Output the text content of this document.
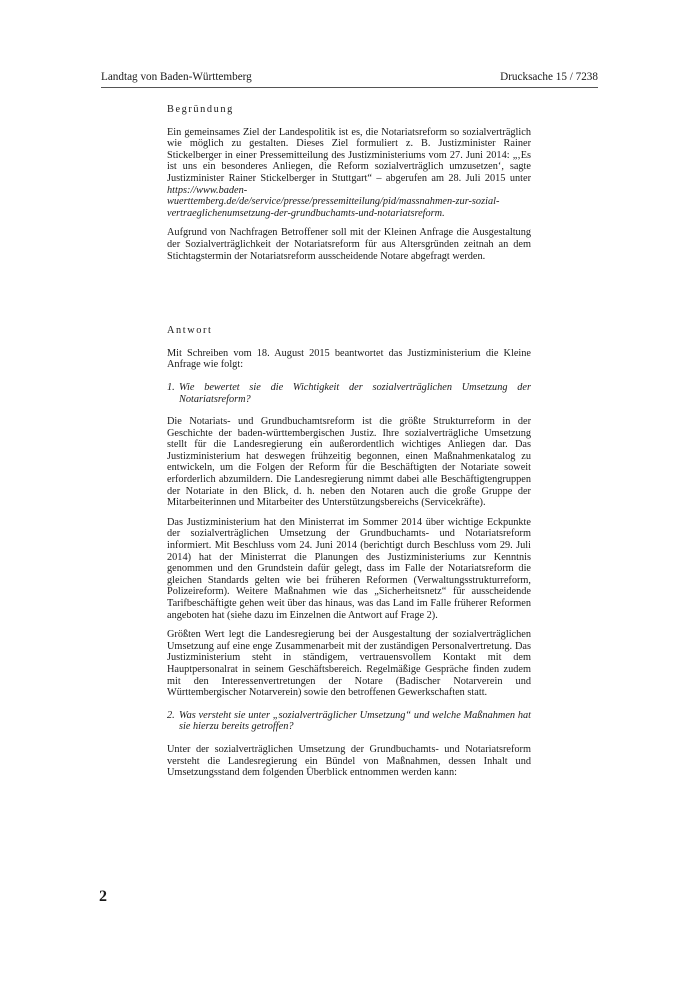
Landtag von Baden-Württemberg	Drucksache 15 / 7238
Begründung

Ein gemeinsames Ziel der Landespolitik ist es, die Notariatsreform so sozialverträglich wie möglich zu gestalten. Dieses Ziel formuliert z. B. Justizminister Rainer Stickelberger in einer Pressemitteilung des Justizministeriums vom 27. Juni 2014: „‚Es ist uns ein besonderes Anliegen, die Reform sozialverträglich umzusetzen‘, sagte Justizminister Rainer Stickelberger in Stuttgart“ – abgerufen am 28. Juli 2015 unter https://www.baden-wuerttemberg.de/de/service/presse/pressemitteilung/pid/massnahmen-zur-sozial-vertraeglichenumsetzung-der-grundbuchamts-und-notariatsreform.

Aufgrund von Nachfragen Betroffener soll mit der Kleinen Anfrage die Ausgestaltung der Sozialverträglichkeit der Notariatsreform für aus Altersgründen zeitnah an dem Stichtagstermin der Notariatsreform ausscheidende Notare abgefragt werden.

Antwort

Mit Schreiben vom 18. August 2015 beantwortet das Justizministerium die Kleine Anfrage wie folgt:

1. Wie bewertet sie die Wichtigkeit der sozialverträglichen Umsetzung der Notariatsreform?

Die Notariats- und Grundbuchamtsreform ist die größte Strukturreform in der Geschichte der baden-württembergischen Justiz. Ihre sozialverträgliche Umsetzung stellt für die Landesregierung ein außerordentlich wichtiges Anliegen dar. Das Justizministerium hat deswegen frühzeitig begonnen, einen Maßnahmenkatalog zu entwickeln, um die Folgen der Reform für die Beschäftigten der Notariate soweit erforderlich abzumildern. Die Landesregierung nimmt dabei alle Beschäftigtengruppen der Notariate in den Blick, d. h. neben den Notaren auch die große Gruppe der Mitarbeiterinnen und Mitarbeiter des Unterstützungsbereichs (Servicekräfte).

Das Justizministerium hat den Ministerrat im Sommer 2014 über wichtige Eckpunkte der sozialverträglichen Umsetzung der Grundbuchamts- und Notariatsreform informiert. Mit Beschluss vom 24. Juni 2014 (berichtigt durch Beschluss vom 29. Juli 2014) hat der Ministerrat die Planungen des Justizministeriums zur Kenntnis genommen und den Grundstein dafür gelegt, dass im Falle der Notariatsreform die gleichen Standards gelten wie bei früheren Reformen (Verwaltungsstrukturreform, Polizeireform). Weitere Maßnahmen wie das „Sicherheitsnetz“ für ausscheidende Tarifbeschäftigte gehen weit über das hinaus, was das Land im Falle früherer Reformen angeboten hat (siehe dazu im Einzelnen die Antwort auf Frage 2).

Größten Wert legt die Landesregierung bei der Ausgestaltung der sozialverträglichen Umsetzung auf eine enge Zusammenarbeit mit der zuständigen Personalvertretung. Das Justizministerium steht in ständigem, vertrauensvollem Kontakt mit dem Hauptpersonalrat in seinem Geschäftsbereich. Regelmäßige Gespräche finden zudem mit den Interessenvertretungen der Notare (Badischer Notarverein und Württembergischer Notarverein) sowie den betroffenen Gewerkschaften statt.

2. Was versteht sie unter „sozialverträglicher Umsetzung“ und welche Maßnahmen hat sie hierzu bereits getroffen?

Unter der sozialverträglichen Umsetzung der Grundbuchamts- und Notariatsreform versteht die Landesregierung ein Bündel von Maßnahmen, dessen Inhalt und Umsetzungsstand dem folgenden Überblick entnommen werden kann:

2
